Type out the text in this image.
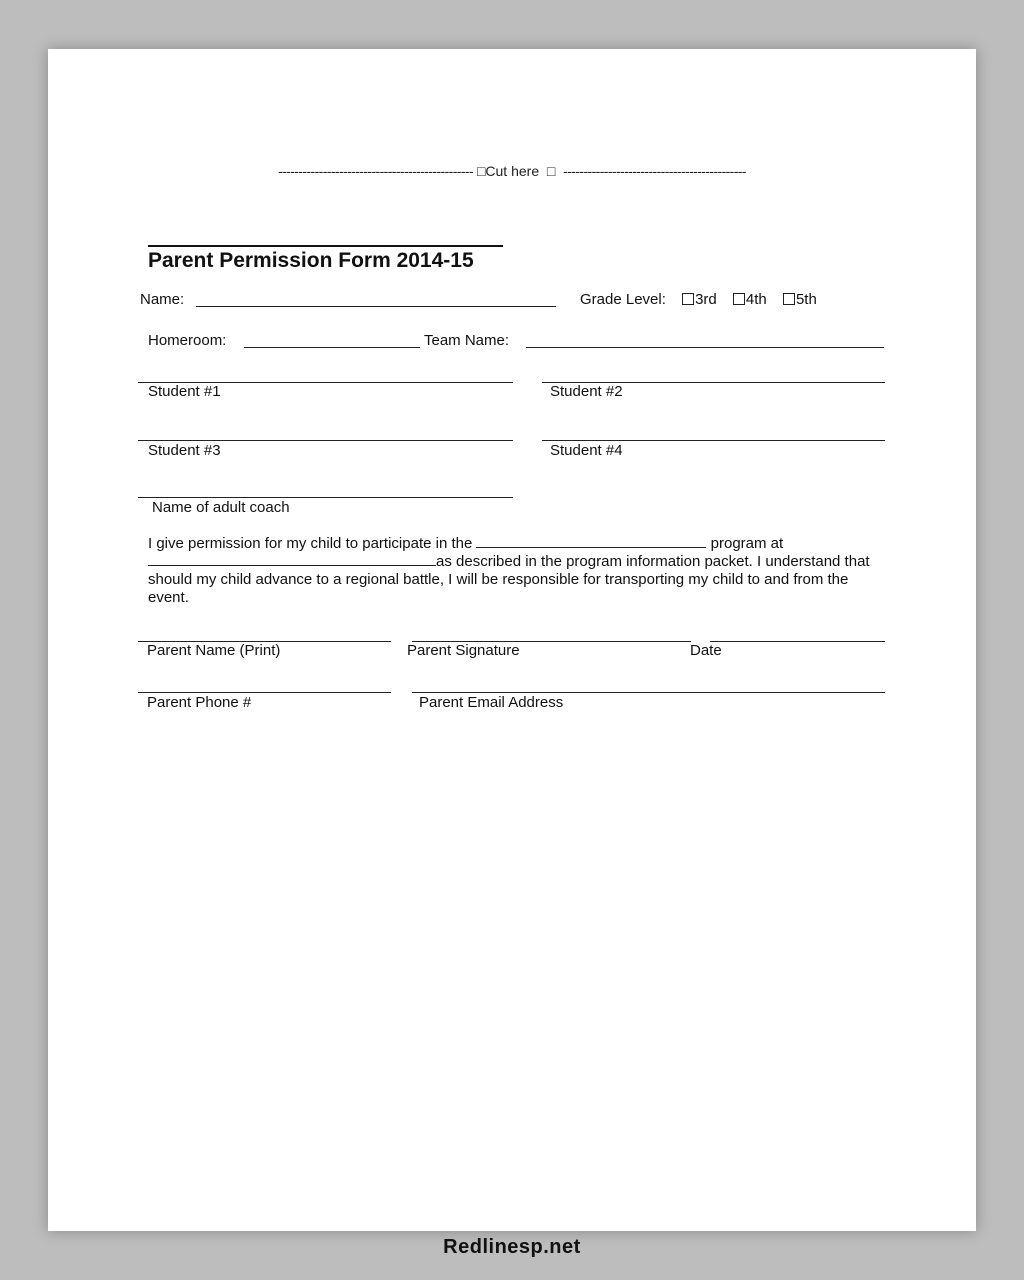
------------------------------------------------ □Cut here  □  ---------------------------------------------
Parent Permission Form 2014-15
Name:	Grade Level: 3rd 4th 5th
Homeroom:	Team Name:
Student #1	Student #2
Student #3	Student #4
Name of adult coach
I give permission for my child to participate in the	program at
as described in the program information packet. I understand that should my child advance to a regional battle, I will be responsible for transporting my child to and from the event.
Parent Name (Print)	Parent Signature	Date
Parent Phone #	Parent Email Address
Redlinesp.net
